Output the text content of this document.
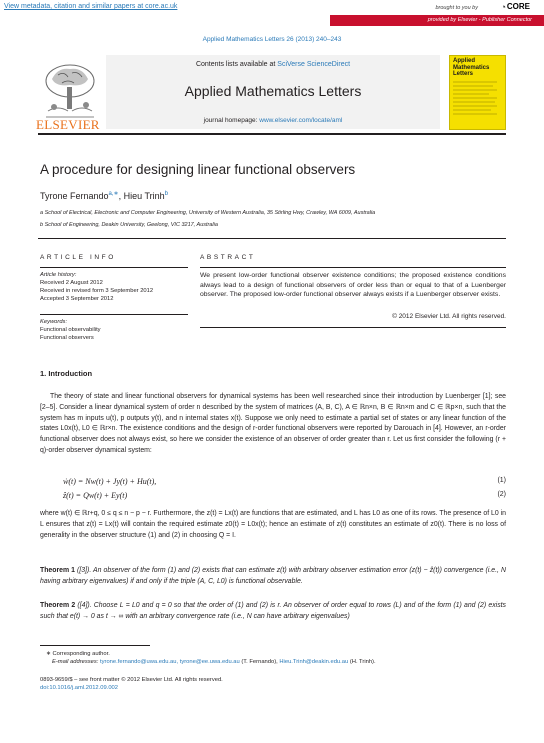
View metadata, citation and similar papers at core.ac.uk	brought to you by	◔ CORE
provided by Elsevier - Publisher Connector
Applied Mathematics Letters 26 (2013) 240–243
ELSEVIER
Contents lists available at SciVerse ScienceDirect
Applied Mathematics Letters
journal homepage: www.elsevier.com/locate/aml
Applied Mathematics Letters
A procedure for designing linear functional observers
Tyrone Fernando$^{a,∗}$, Hieu Trinh$^b$
a School of Electrical, Electronic and Computer Engineering, University of Western Australia, 35 Stirling Hwy, Crawley, WA 6009, Australia
b School of Engineering, Deakin University, Geelong, VIC 3217, Australia
ARTICLE INFO	ABSTRACT
Article history:
Received 2 August 2012
Received in revised form 3 September 2012
Accepted 3 September 2012
Keywords:
Functional observability
Functional observers
We present low-order functional observer existence conditions; the proposed existence conditions always lead to a design of functional observers of order less than or equal to that of a Luenberger observer. The proposed low-order functional observer always exists if a Luenberger observer exists.
© 2012 Elsevier Ltd. All rights reserved.
1. Introduction
The theory of state and linear functional observers for dynamical systems has been well researched since their introduction by Luenberger [1]; see [2–5]. Consider a linear dynamical system of order n described by the system of matrices (A, B, C), A ∈ ℝn×n, B ∈ ℝn×m and C ∈ ℝp×n, such that the system has m inputs u(t), p outputs y(t), and n internal states x(t). Suppose we only need to estimate a partial set of states or any linear function of the states L0x(t), L0 ∈ ℝr×n. The existence conditions and the design of r-order functional observers were reported by Darouach in [4]. However, an r-order functional observer does not always exist, so here we consider the existence of an observer of order greater than r. Let us first consider the following (r + q)-order observer dynamical system:
ẇ(t) = Nw(t) + Jy(t) + Hu(t),	(1)
ẑ(t) = Qw(t) + Ey(t)	(2)
where w(t) ∈ ℝr+q, 0 ≤ q ≤ n − p − r. Furthermore, the z(t) = Lx(t) are functions that are estimated, and L has L0 as one of its rows. The presence of L0 in L ensures that z(t) = Lx(t) will contain the required estimate z0(t) = L0x(t); hence an estimate of z(t) constitutes an estimate of z0(t). There is no loss of generality in the observer structure (1) and (2) in choosing Q = I.
Theorem 1 ([3]). An observer of the form (1) and (2) exists that can estimate z(t) with arbitrary observer estimation error (z(t) − ẑ(t)) convergence (i.e., N having arbitrary eigenvalues) if and only if the triple (A, C, L0) is functional observable.
Theorem 2 ([4]). Choose L = L0 and q = 0 so that the order of (1) and (2) is r. An observer of order equal to rows (L) and of the form (1) and (2) exists such that e(t) → 0 as t → ∞ with an arbitrary convergence rate (i.e., N can have arbitrary eigenvalues)
∗ Corresponding author.
E-mail addresses: tyrone.fernando@uwa.edu.au, tyrone@ee.uwa.edu.au (T. Fernando), Hieu.Trinh@deakin.edu.au (H. Trinh).
0893-9659/$ – see front matter © 2012 Elsevier Ltd. All rights reserved.
doi:10.1016/j.aml.2012.09.002
